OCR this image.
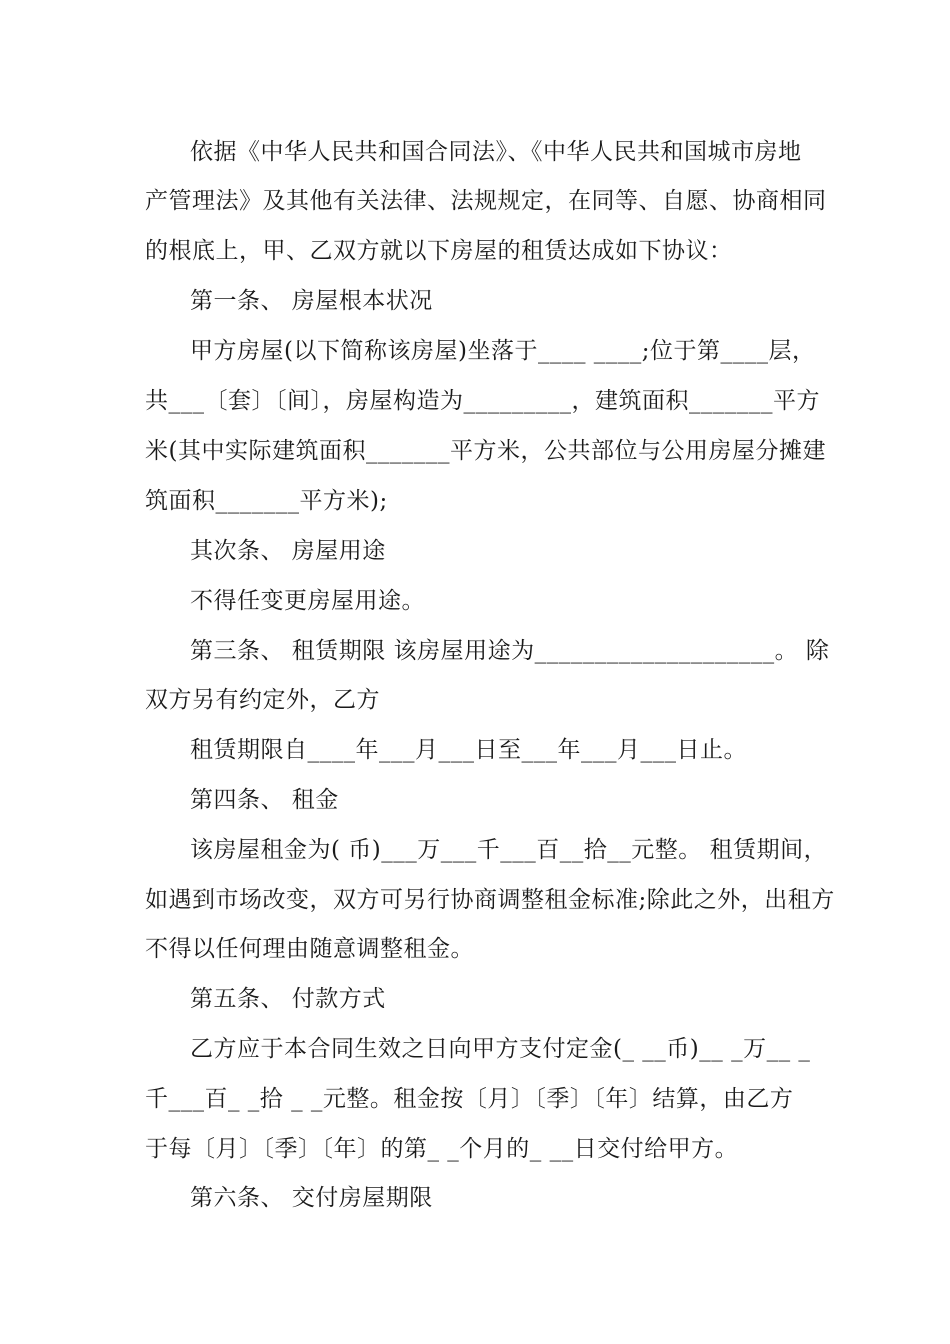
依据《中华人民共和国合同法》、《中华人民共和国城市房地
产管理法》及其他有关法律、法规规定，在同等、自愿、协商相同
的根底上，甲、乙双方就以下房屋的租赁达成如下协议：
第一条、 房屋根本状况
甲方房屋(以下简称该房屋)坐落于____ ____;位于第____层，
共___〔套〕〔间〕，房屋构造为_________，建筑面积_______平方
米(其中实际建筑面积_______平方米，公共部位与公用房屋分摊建
筑面积_______平方米);
其次条、 房屋用途
不得任变更房屋用途。
第三条、 租赁期限 该房屋用途为____________________。 除
双方另有约定外，乙方
租赁期限自____年___月___日至___年___月___日止。
第四条、 租金
该房屋租金为( 币)___万___千___百__拾__元整。 租赁期间，
如遇到市场改变，双方可另行协商调整租金标准;除此之外，出租方
不得以任何理由随意调整租金。
第五条、 付款方式
乙方应于本合同生效之日向甲方支付定金(_ __币)__ _万__ _
千___百_ _拾 _ _元整。租金按〔月〕〔季〕〔年〕结算，由乙方
于每〔月〕〔季〕〔年〕的第_ _个月的_ __日交付给甲方。
第六条、 交付房屋期限
